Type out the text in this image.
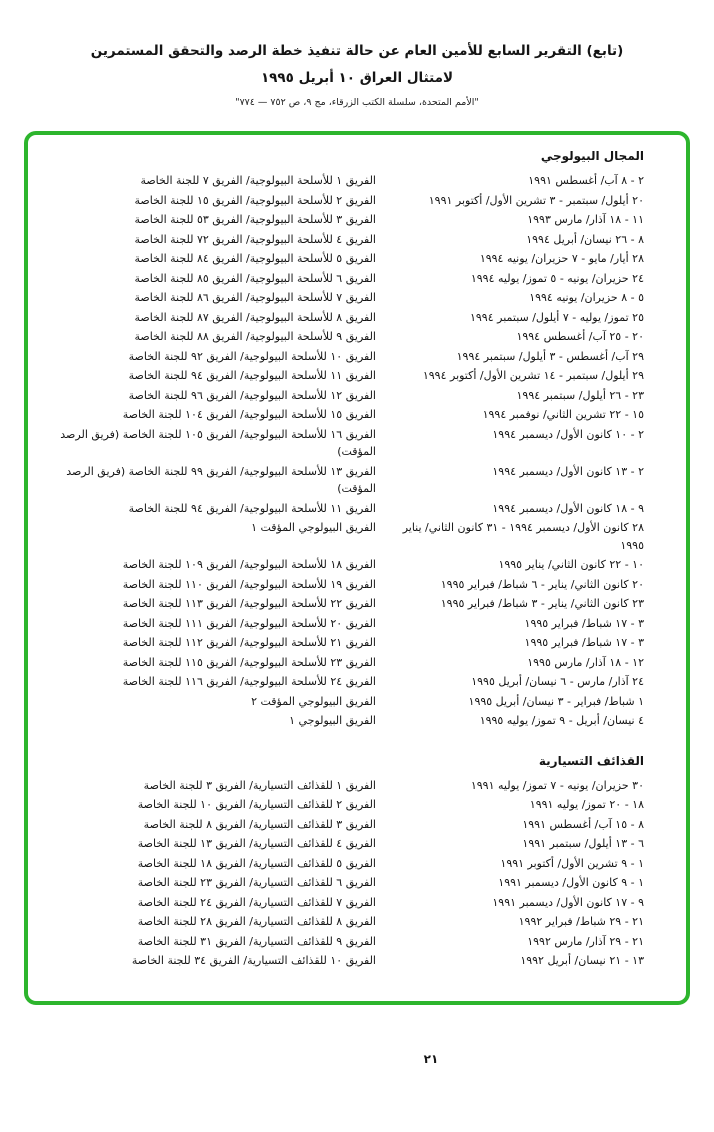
(تابع) التقرير السابع للأمين العام عن حالة تنفيذ خطة الرصد والتحقق المستمرين
لامتثال العراق ١٠ أبريل ١٩٩٥
"الأمم المتحدة، سلسلة الكتب الزرقاء، مج ٩، ص ٧٥٢ — ٧٧٤"
المجال البيولوجي
٢ - ٨ آب/ أغسطس ١٩٩١
الفريق ١ للأسلحة البيولوجية/ الفريق ٧ للجنة الخاصة
٢٠ أيلول/ سبتمبر - ٣ تشرين الأول/ أكتوبر ١٩٩١
الفريق ٢ للأسلحة البيولوجية/ الفريق ١٥ للجنة الخاصة
١١ - ١٨ آذار/ مارس ١٩٩٣
الفريق ٣ للأسلحة البيولوجية/ الفريق ٥٣ للجنة الخاصة
٨ - ٢٦ نيسان/ أبريل ١٩٩٤
الفريق ٤ للأسلحة البيولوجية/ الفريق ٧٢ للجنة الخاصة
٢٨ أيار/ مايو - ٧ حزيران/ يونيه ١٩٩٤
الفريق ٥ للأسلحة البيولوجية/ الفريق ٨٤ للجنة الخاصة
٢٤ حزيران/ يونيه - ٥ تموز/ يوليه ١٩٩٤
الفريق ٦ للأسلحة البيولوجية/ الفريق ٨٥ للجنة الخاصة
٥ - ٨ حزيران/ يونيه ١٩٩٤
الفريق ٧ للأسلحة البيولوجية/ الفريق ٨٦ للجنة الخاصة
٢٥ تموز/ يوليه - ٧ أيلول/ سبتمبر ١٩٩٤
الفريق ٨ للأسلحة البيولوجية/ الفريق ٨٧ للجنة الخاصة
٢٠ - ٢٥ آب/ أغسطس ١٩٩٤
الفريق ٩ للأسلحة البيولوجية/ الفريق ٨٨ للجنة الخاصة
٢٩ آب/ أغسطس - ٣ أيلول/ سبتمبر ١٩٩٤
الفريق ١٠ للأسلحة البيولوجية/ الفريق ٩٢ للجنة الخاصة
٢٩ أيلول/ سبتمبر - ١٤ تشرين الأول/ أكتوبر ١٩٩٤
الفريق ١١ للأسلحة البيولوجية/ الفريق ٩٤ للجنة الخاصة
٢٣ - ٢٦ أيلول/ سبتمبر ١٩٩٤
الفريق ١٢ للأسلحة البيولوجية/ الفريق ٩٦ للجنة الخاصة
١٥ - ٢٢ تشرين الثاني/ نوفمبر ١٩٩٤
الفريق ١٥ للأسلحة البيولوجية/ الفريق ١٠٤ للجنة الخاصة
٢ - ١٠ كانون الأول/ ديسمبر ١٩٩٤
الفريق ١٦ للأسلحة البيولوجية/ الفريق ١٠٥ للجنة الخاصة (فريق الرصد المؤقت)
٢ - ١٣ كانون الأول/ ديسمبر ١٩٩٤
الفريق ١٣ للأسلحة البيولوجية/ الفريق ٩٩ للجنة الخاصة (فريق الرصد المؤقت)
٩ - ١٨ كانون الأول/ ديسمبر ١٩٩٤
الفريق ١١ للأسلحة البيولوجية/ الفريق ٩٤ للجنة الخاصة
٢٨ كانون الأول/ ديسمبر ١٩٩٤ - ٣١ كانون الثاني/ يناير ١٩٩٥
الفريق البيولوجي المؤقت ١
١٠ - ٢٢ كانون الثاني/ يناير ١٩٩٥
الفريق ١٨ للأسلحة البيولوجية/ الفريق ١٠٩ للجنة الخاصة
٢٠ كانون الثاني/ يناير - ٦ شباط/ فبراير ١٩٩٥
الفريق ١٩ للأسلحة البيولوجية/ الفريق ١١٠ للجنة الخاصة
٢٣ كانون الثاني/ يناير - ٣ شباط/ فبراير ١٩٩٥
الفريق ٢٢ للأسلحة البيولوجية/ الفريق ١١٣ للجنة الخاصة
٣ - ١٧ شباط/ فبراير ١٩٩٥
الفريق ٢٠ للأسلحة البيولوجية/ الفريق ١١١ للجنة الخاصة
٣ - ١٧ شباط/ فبراير ١٩٩٥
الفريق ٢١ للأسلحة البيولوجية/ الفريق ١١٢ للجنة الخاصة
١٢ - ١٨ آذار/ مارس ١٩٩٥
الفريق ٢٣ للأسلحة البيولوجية/ الفريق ١١٥ للجنة الخاصة
٢٤ آذار/ مارس - ٦ نيسان/ أبريل ١٩٩٥
الفريق ٢٤ للأسلحة البيولوجية/ الفريق ١١٦ للجنة الخاصة
١ شباط/ فبراير - ٣ نيسان/ أبريل ١٩٩٥
الفريق البيولوجي المؤقت ٢
٤ نيسان/ أبريل - ٩ تموز/ يوليه ١٩٩٥
الفريق البيولوجي ١
القذائف التسيارية
٣٠ حزيران/ يونيه - ٧ تموز/ يوليه ١٩٩١
الفريق ١ للقذائف التسيارية/ الفريق ٣ للجنة الخاصة
١٨ - ٢٠ تموز/ يوليه ١٩٩١
الفريق ٢ للقذائف التسيارية/ الفريق ١٠ للجنة الخاصة
٨ - ١٥ آب/ أغسطس ١٩٩١
الفريق ٣ للقذائف التسيارية/ الفريق ٨ للجنة الخاصة
٦ - ١٣ أيلول/ سبتمبر ١٩٩١
الفريق ٤ للقذائف التسيارية/ الفريق ١٣ للجنة الخاصة
١ - ٩ تشرين الأول/ أكتوبر ١٩٩١
الفريق ٥ للقذائف التسيارية/ الفريق ١٨ للجنة الخاصة
١ - ٩ كانون الأول/ ديسمبر ١٩٩١
الفريق ٦ للقذائف التسيارية/ الفريق ٢٣ للجنة الخاصة
٩ - ١٧ كانون الأول/ ديسمبر ١٩٩١
الفريق ٧ للقذائف التسيارية/ الفريق ٢٤ للجنة الخاصة
٢١ - ٢٩ شباط/ فبراير ١٩٩٢
الفريق ٨ للقذائف التسيارية/ الفريق ٢٨ للجنة الخاصة
٢١ - ٢٩ آذار/ مارس ١٩٩٢
الفريق ٩ للقذائف التسيارية/ الفريق ٣١ للجنة الخاصة
١٣ - ٢١ نيسان/ أبريل ١٩٩٢
الفريق ١٠ للقذائف التسيارية/ الفريق ٣٤ للجنة الخاصة
٢١
